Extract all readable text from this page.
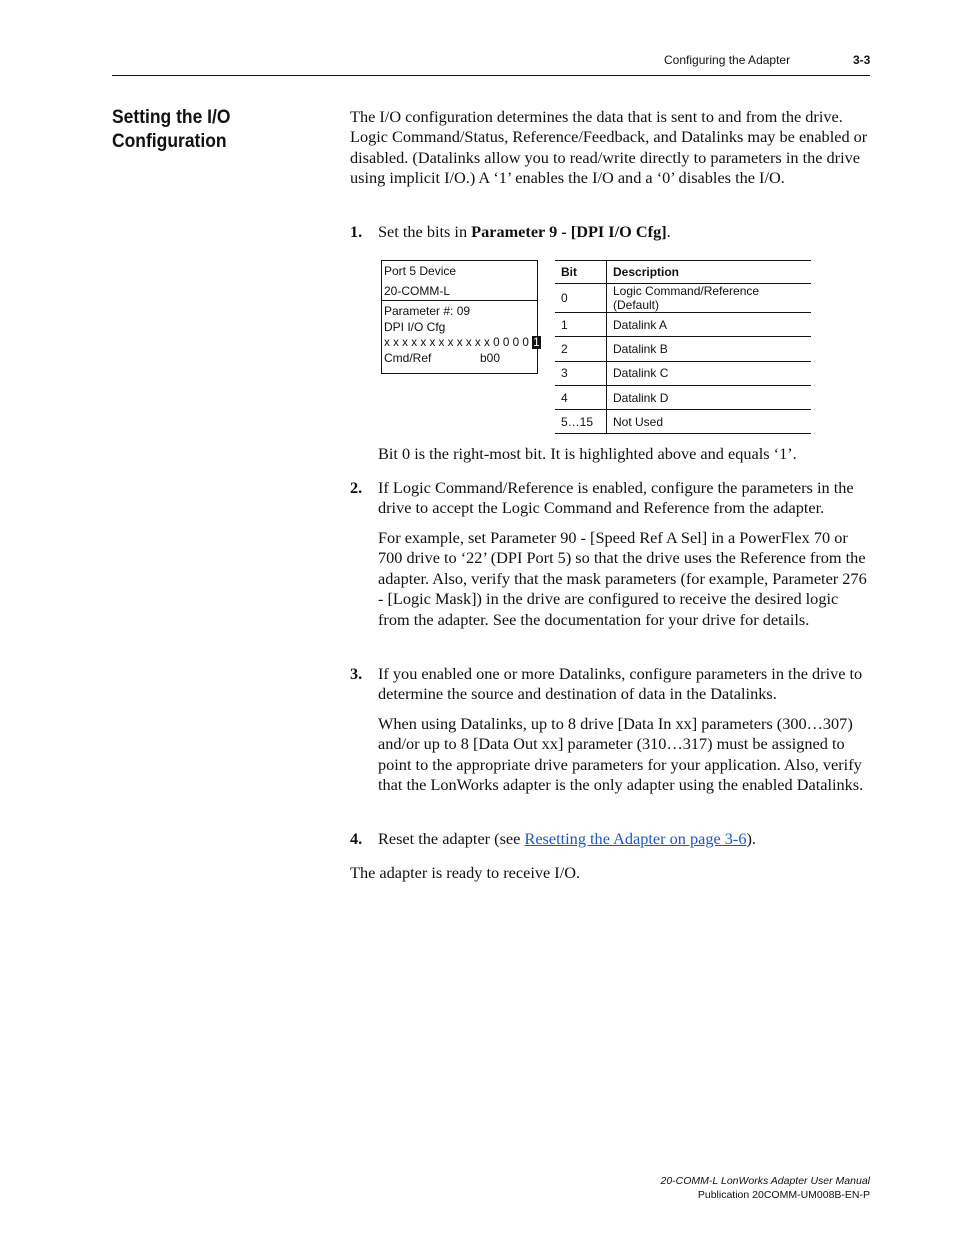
Configuring the Adapter	3-3
Setting the I/O
Configuration
The I/O configuration determines the data that is sent to and from the drive. Logic Command/Status, Reference/Feedback, and Datalinks may be enabled or disabled. (Datalinks allow you to read/write directly to parameters in the drive using implicit I/O.) A ‘1’ enables the I/O and a ‘0’ disables the I/O.
1. Set the bits in Parameter 9 - [DPI I/O Cfg].
Port 5 Device
20-COMM-L
Parameter #: 09
DPI I/O Cfg
x x x x x x x x x x x x 0 0 0 0 1
Cmd/Ref	b00
Bit	Description
0	Logic Command/Reference (Default)
1	Datalink A
2	Datalink B
3	Datalink C
4	Datalink D
5…15	Not Used
Bit 0 is the right-most bit. It is highlighted above and equals ‘1’.
2. If Logic Command/Reference is enabled, configure the parameters in the drive to accept the Logic Command and Reference from the adapter.
For example, set Parameter 90 - [Speed Ref A Sel] in a PowerFlex 70 or 700 drive to ‘22’ (DPI Port 5) so that the drive uses the Reference from the adapter. Also, verify that the mask parameters (for example, Parameter 276 - [Logic Mask]) in the drive are configured to receive the desired logic from the adapter. See the documentation for your drive for details.
3. If you enabled one or more Datalinks, configure parameters in the drive to determine the source and destination of data in the Datalinks.
When using Datalinks, up to 8 drive [Data In xx] parameters (300…307) and/or up to 8 [Data Out xx] parameter (310…317) must be assigned to point to the appropriate drive parameters for your application. Also, verify that the LonWorks adapter is the only adapter using the enabled Datalinks.
4. Reset the adapter (see Resetting the Adapter on page 3-6).
The adapter is ready to receive I/O.
20-COMM-L LonWorks Adapter User Manual
Publication 20COMM-UM008B-EN-P
